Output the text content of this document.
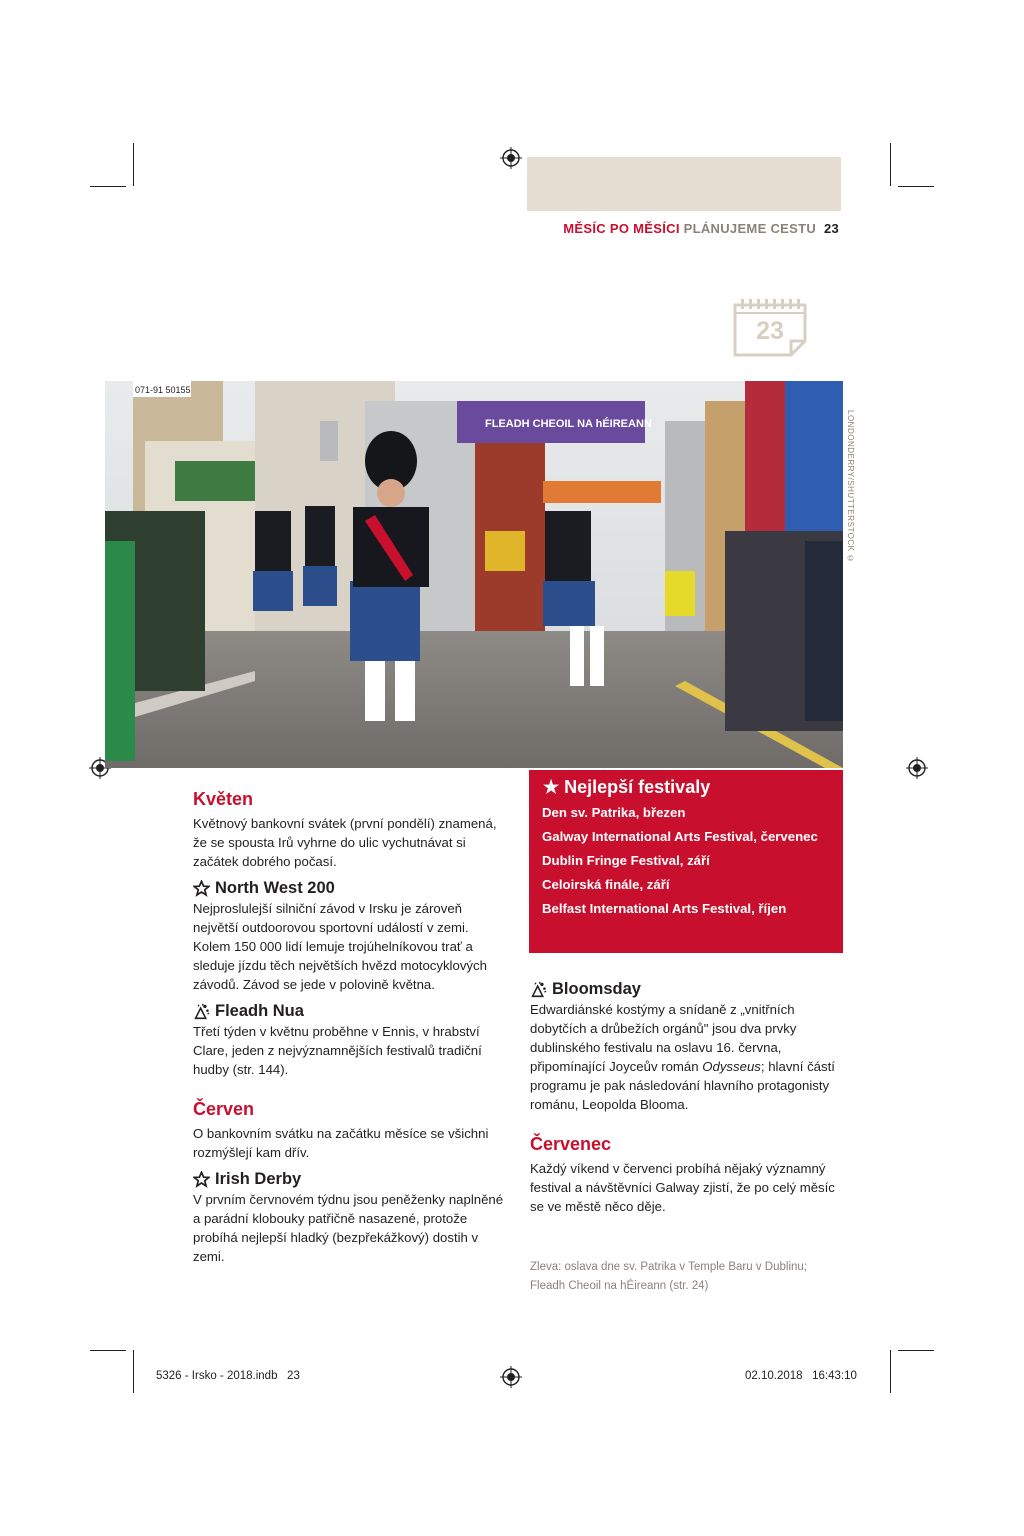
MĚSÍC PO MĚSÍCI PLÁNUJEME CESTU 23
23
FLEADH CHEOIL NA hÉIREANN
071-91 50155
LONDONDERRY/SHUTTERSTOCK ©
Květen

Květnový bankovní svátek (první pondělí) znamená, že se spousta Irů vyhrne do ulic vychutnávat si začátek dobrého počasí.

North West 200

Nejproslulejší silniční závod v Irsku je zároveň největší outdoorovou sportovní událostí v zemi. Kolem 150 000 lidí lemuje trojúhelníkovou trať a sleduje jízdu těch největších hvězd motocyklových závodů. Závod se jede v polovině května.

Fleadh Nua

Třetí týden v květnu proběhne v Ennis, v hrabství Clare, jeden z nejvýznamnějších festivalů tradiční hudby (str. 144).

Červen

O bankovním svátku na začátku měsíce se všichni rozmýšlejí kam dřív.

Irish Derby

V prvním červnovém týdnu jsou peněženky naplněné a parádní klobouky patřičně nasazené, protože probíhá nejlepší hladký (bezpřekážkový) dostih v zemi.

★ Nejlepší festivaly
Den sv. Patrika, březen
Galway International Arts Festival, červenec
Dublin Fringe Festival, září
Celoirská finále, září
Belfast International Arts Festival, říjen
Bloomsday

Edwardiánské kostýmy a snídaně z „vnitřních dobytčích a drůbežích orgánů" jsou dva prvky dublinského festivalu na oslavu 16. června, připomínající Joyceův román Odysseus; hlavní částí programu je pak následování hlavního protagonisty románu, Leopolda Blooma.

Červenec

Každý víkend v červenci probíhá nějaký významný festival a návštěvníci Galway zjistí, že po celý měsíc se ve městě něco děje.

Zleva: oslava dne sv. Patrika v Temple Baru v Dublinu; Fleadh Cheoil na hÉireann (str. 24)
5326 - Irsko - 2018.indb   23	02.10.2018   16:43:10
